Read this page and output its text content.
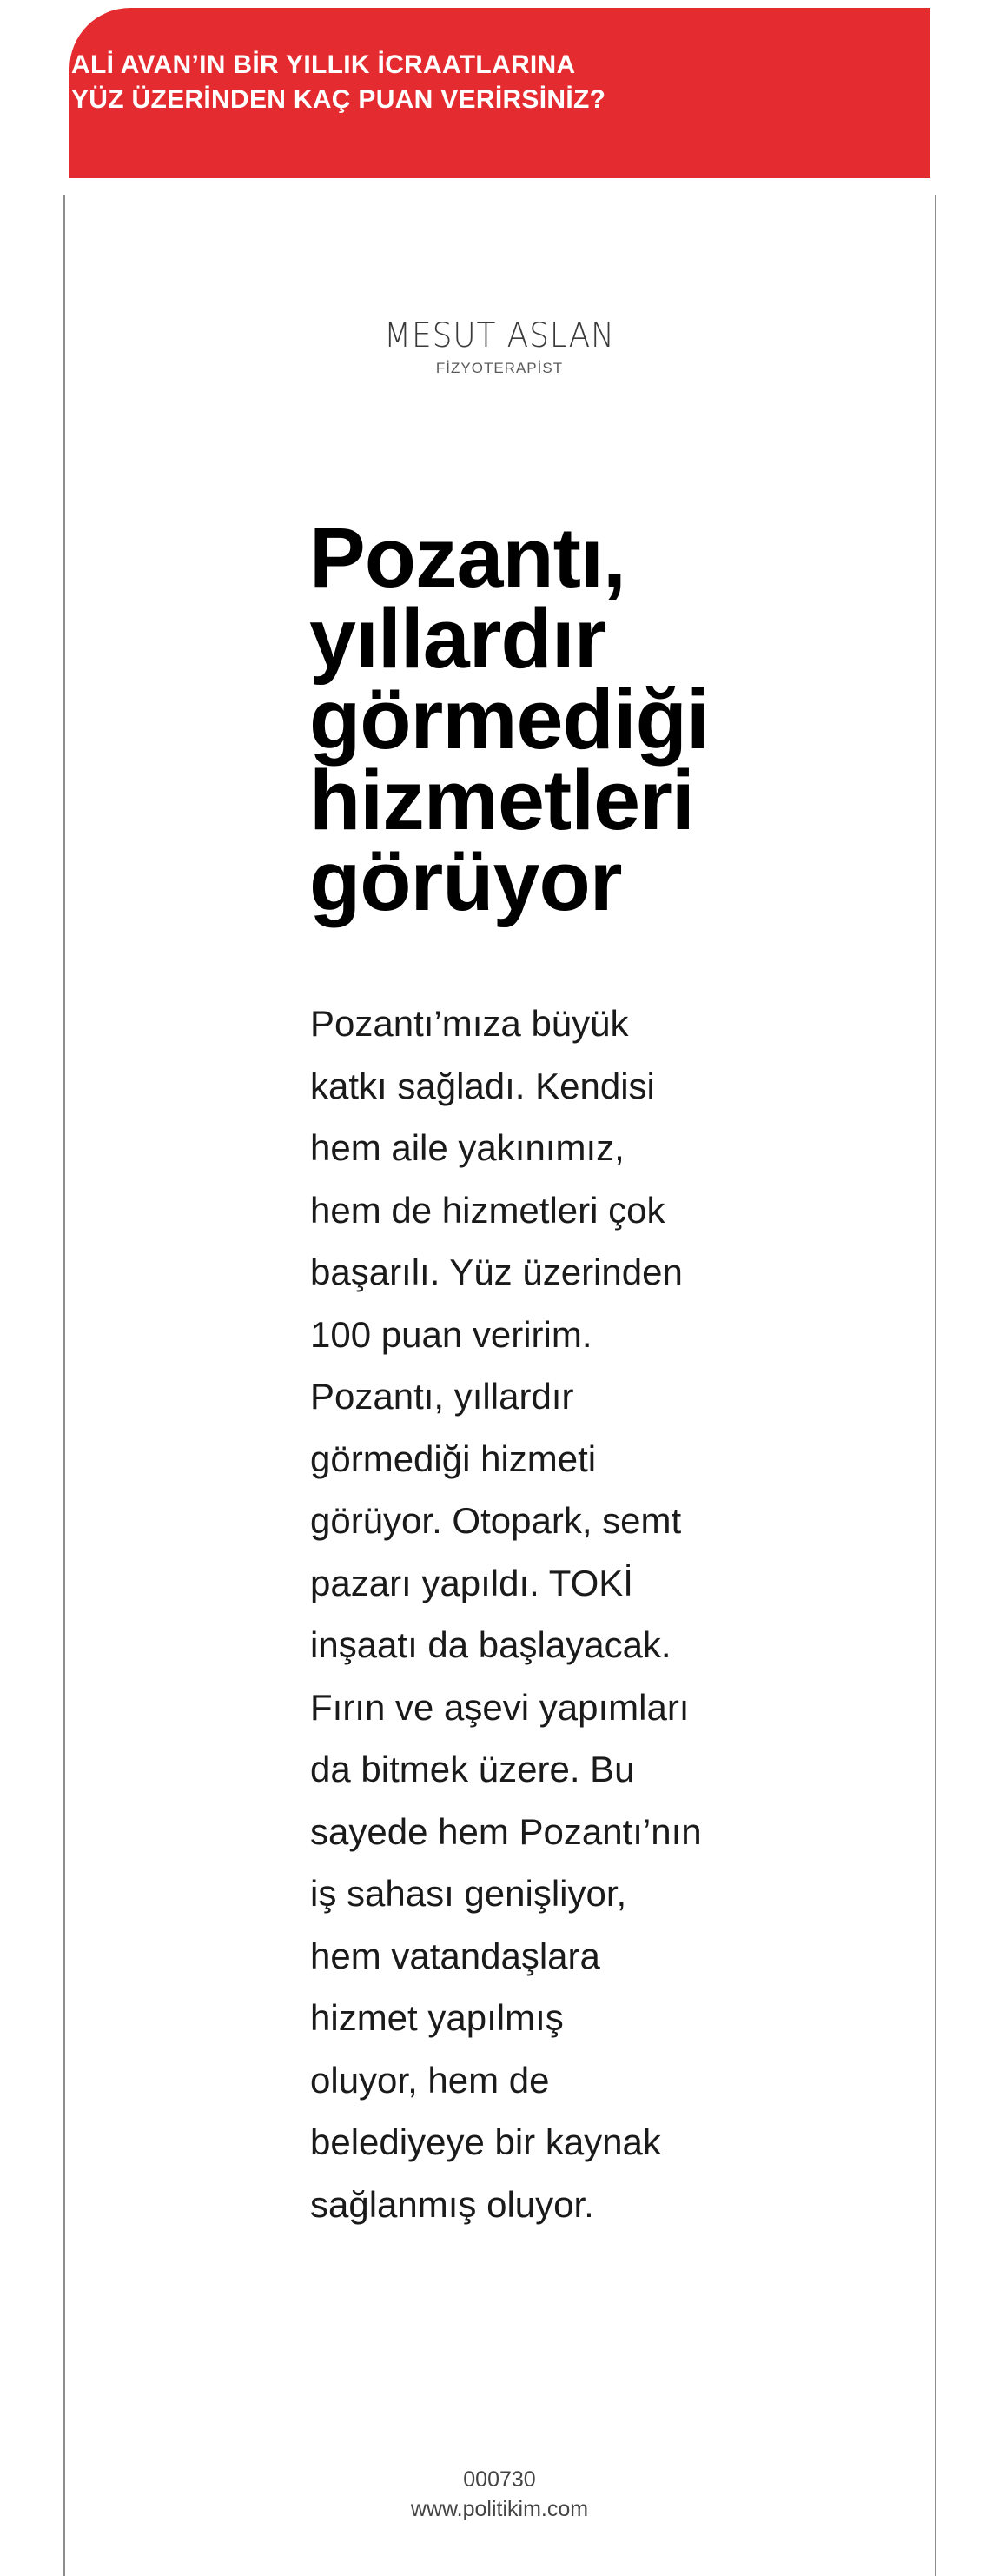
ALİ AVAN’IN BİR YILLIK İCRAATLARINA
YÜZ ÜZERİNDEN KAÇ PUAN VERİRSİNİZ?
MESUT ASLAN
FİZYOTERAPİST
Pozantı,
yıllardır
görmediği
hizmetleri
görüyor
Pozantı’mıza büyük
katkı sağladı. Kendisi
hem aile yakınımız,
hem de hizmetleri çok
başarılı. Yüz üzerinden
100 puan veririm.
Pozantı, yıllardır
görmediği hizmeti
görüyor. Otopark, semt
pazarı yapıldı. TOKİ
inşaatı da başlayacak.
Fırın ve aşevi yapımları
da bitmek üzere. Bu
sayede hem Pozantı’nın
iş sahası genişliyor,
hem vatandaşlara
hizmet yapılmış
oluyor, hem de
belediyeye bir kaynak
sağlanmış oluyor.
000730
www.politikim.com
